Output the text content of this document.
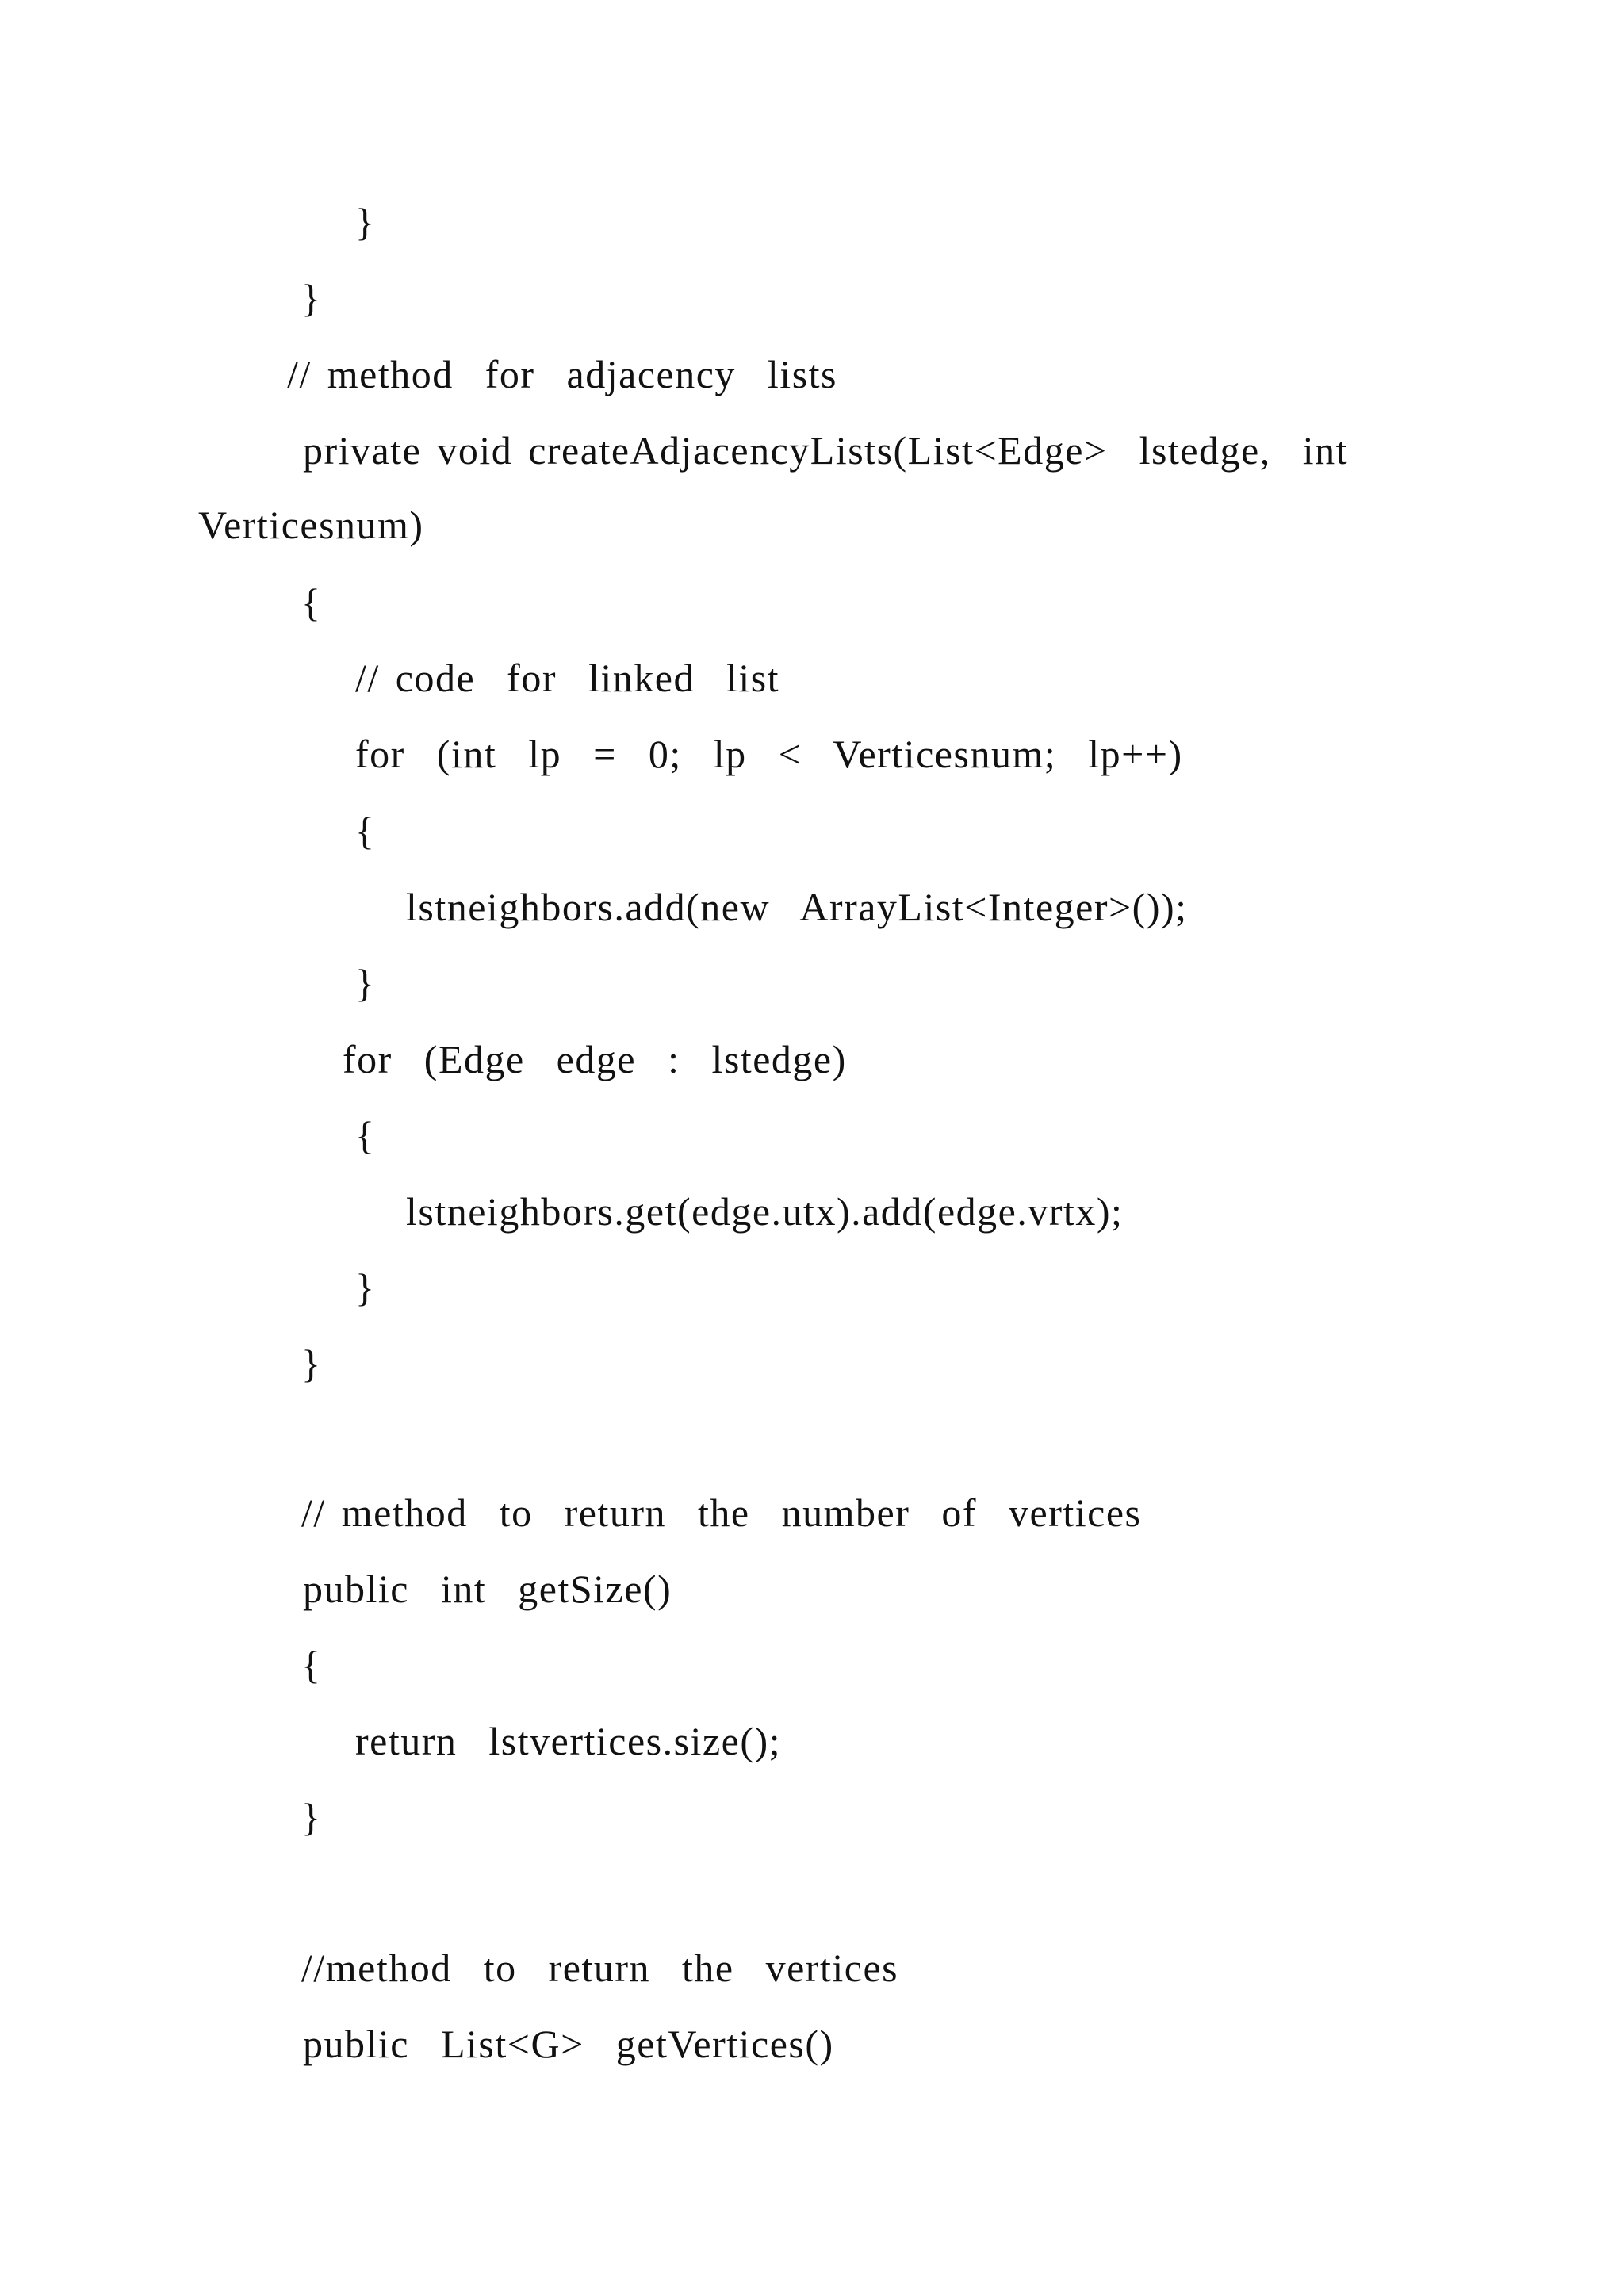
}
}
// method  for  adjacency  lists
private void createAdjacencyLists(List<Edge>  lstedge,  int
Verticesnum)
{
// code  for  linked  list
for  (int  lp  =  0;  lp  <  Verticesnum;  lp++)
{
lstneighbors.add(new  ArrayList<Integer>());
}
for  (Edge  edge  :  lstedge)
{
lstneighbors.get(edge.utx).add(edge.vrtx);
}
}
// method  to  return  the  number  of  vertices
public  int  getSize()
{
return  lstvertices.size();
}
//method  to  return  the  vertices
public  List<G>  getVertices()
